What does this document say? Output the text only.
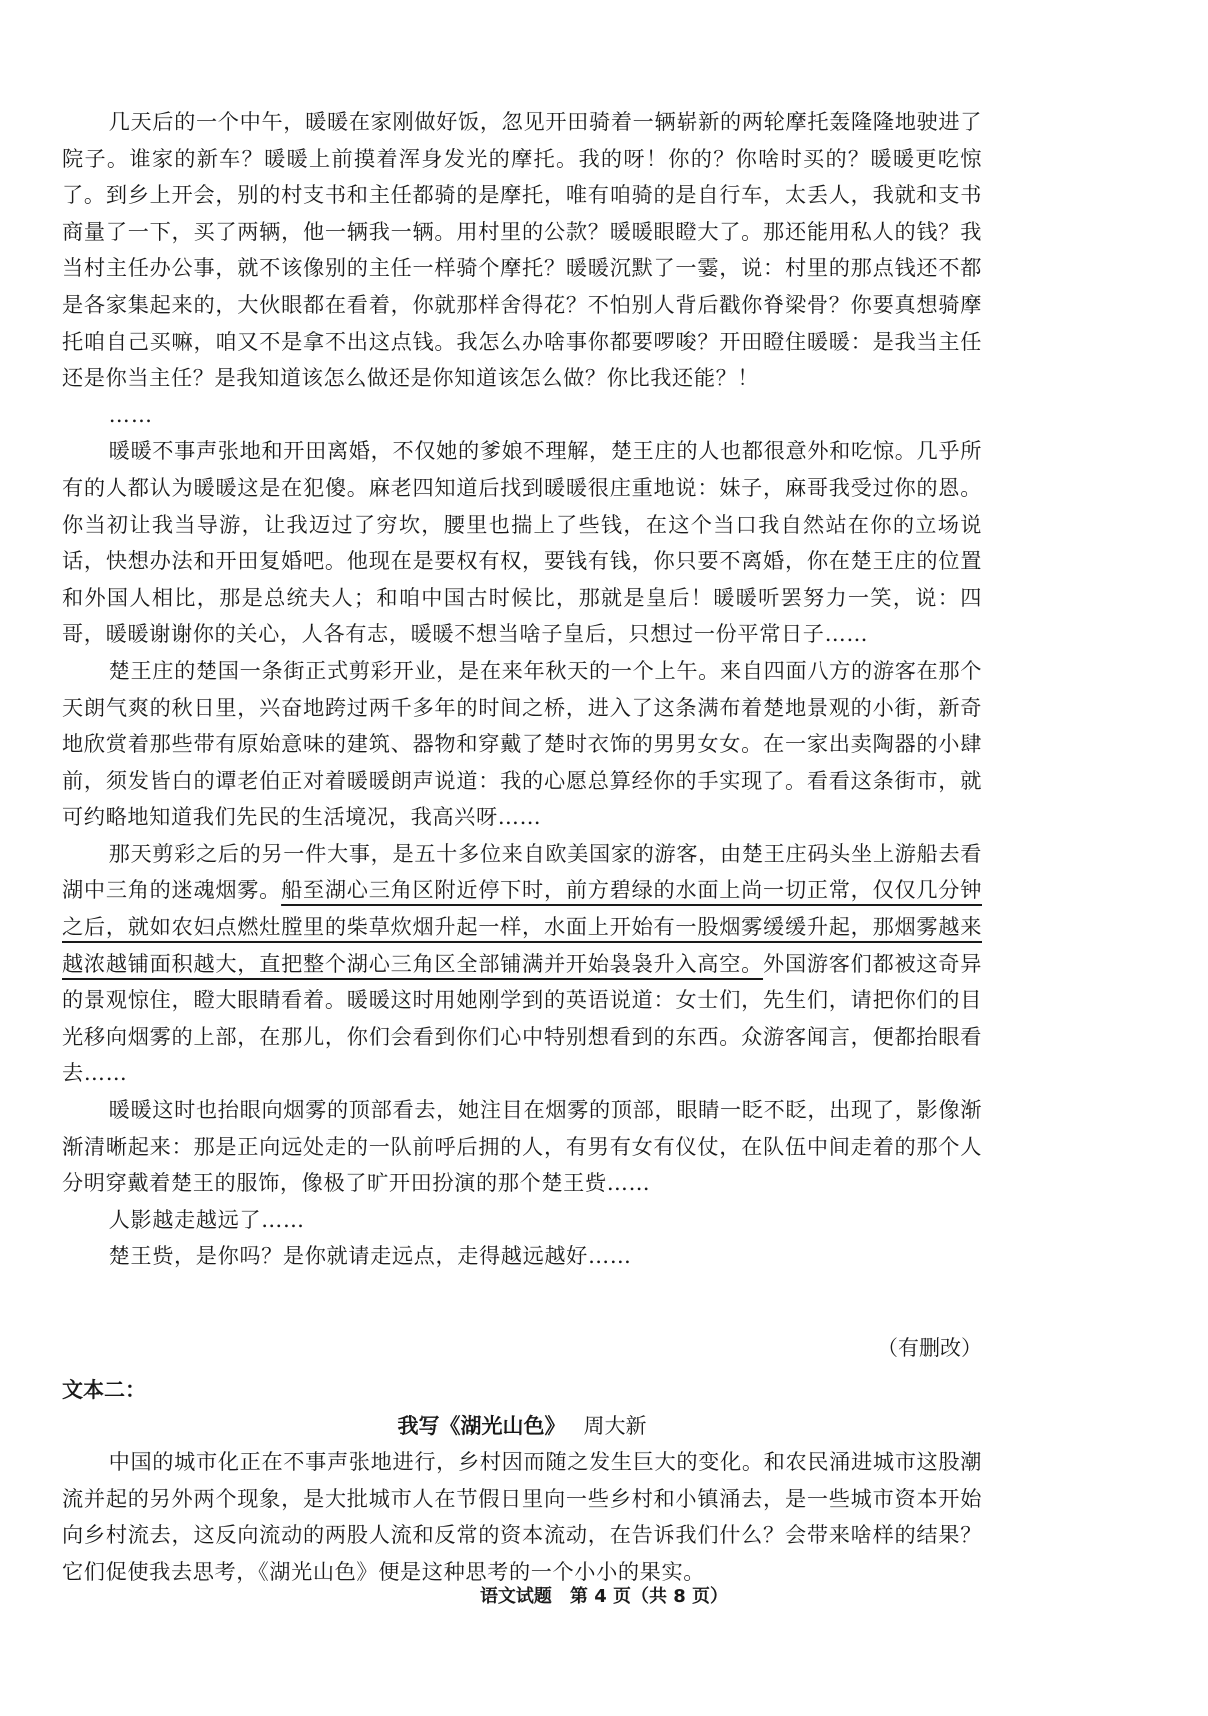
几天后的一个中午，暖暖在家刚做好饭，忽见开田骑着一辆崭新的两轮摩托轰隆隆地驶进了院子。谁家的新车？暖暖上前摸着浑身发光的摩托。我的呀！你的？你啥时买的？暖暖更吃惊了。到乡上开会，别的村支书和主任都骑的是摩托，唯有咱骑的是自行车，太丢人，我就和支书商量了一下，买了两辆，他一辆我一辆。用村里的公款？暖暖眼瞪大了。那还能用私人的钱？我当村主任办公事，就不该像别的主任一样骑个摩托？暖暖沉默了一霎，说：村里的那点钱还不都是各家集起来的，大伙眼都在看着，你就那样舍得花？不怕别人背后戳你脊梁骨？你要真想骑摩托咱自己买嘛，咱又不是拿不出这点钱。我怎么办啥事你都要啰唆？开田瞪住暖暖：是我当主任还是你当主任？是我知道该怎么做还是你知道该怎么做？你比我还能？！

……

暖暖不事声张地和开田离婚，不仅她的爹娘不理解，楚王庄的人也都很意外和吃惊。几乎所有的人都认为暖暖这是在犯傻。麻老四知道后找到暖暖很庄重地说：妹子，麻哥我受过你的恩。你当初让我当导游，让我迈过了穷坎，腰里也揣上了些钱，在这个当口我自然站在你的立场说话，快想办法和开田复婚吧。他现在是要权有权，要钱有钱，你只要不离婚，你在楚王庄的位置和外国人相比，那是总统夫人；和咱中国古时候比，那就是皇后！暖暖听罢努力一笑，说：四哥，暖暖谢谢你的关心，人各有志，暖暖不想当啥子皇后，只想过一份平常日子……

楚王庄的楚国一条街正式剪彩开业，是在来年秋天的一个上午。来自四面八方的游客在那个天朗气爽的秋日里，兴奋地跨过两千多年的时间之桥，进入了这条满布着楚地景观的小街，新奇地欣赏着那些带有原始意味的建筑、器物和穿戴了楚时衣饰的男男女女。在一家出卖陶器的小肆前，须发皆白的谭老伯正对着暖暖朗声说道：我的心愿总算经你的手实现了。看看这条街市，就可约略地知道我们先民的生活境况，我高兴呀……

那天剪彩之后的另一件大事，是五十多位来自欧美国家的游客，由楚王庄码头坐上游船去看湖中三角的迷魂烟雾。船至湖心三角区附近停下时，前方碧绿的水面上尚一切正常，仅仅几分钟之后，就如农妇点燃灶膛里的柴草炊烟升起一样，水面上开始有一股烟雾缓缓升起，那烟雾越来越浓越铺面积越大，直把整个湖心三角区全部铺满并开始袅袅升入高空。外国游客们都被这奇异的景观惊住，瞪大眼睛看着。暖暖这时用她刚学到的英语说道：女士们，先生们，请把你们的目光移向烟雾的上部，在那儿，你们会看到你们心中特别想看到的东西。众游客闻言，便都抬眼看去……

暖暖这时也抬眼向烟雾的顶部看去，她注目在烟雾的顶部，眼睛一眨不眨，出现了，影像渐渐清晰起来：那是正向远处走的一队前呼后拥的人，有男有女有仪仗，在队伍中间走着的那个人分明穿戴着楚王的服饰，像极了旷开田扮演的那个楚王赀……

人影越走越远了……

楚王赀，是你吗？是你就请走远点，走得越远越好……

（有删改）
文本二：
我写《湖光山色》 周大新

中国的城市化正在不事声张地进行，乡村因而随之发生巨大的变化。和农民涌进城市这股潮流并起的另外两个现象，是大批城市人在节假日里向一些乡村和小镇涌去，是一些城市资本开始向乡村流去，这反向流动的两股人流和反常的资本流动，在告诉我们什么？会带来啥样的结果？它们促使我去思考，《湖光山色》便是这种思考的一个小小的果实。

语文试题　第 4 页（共 8 页）
